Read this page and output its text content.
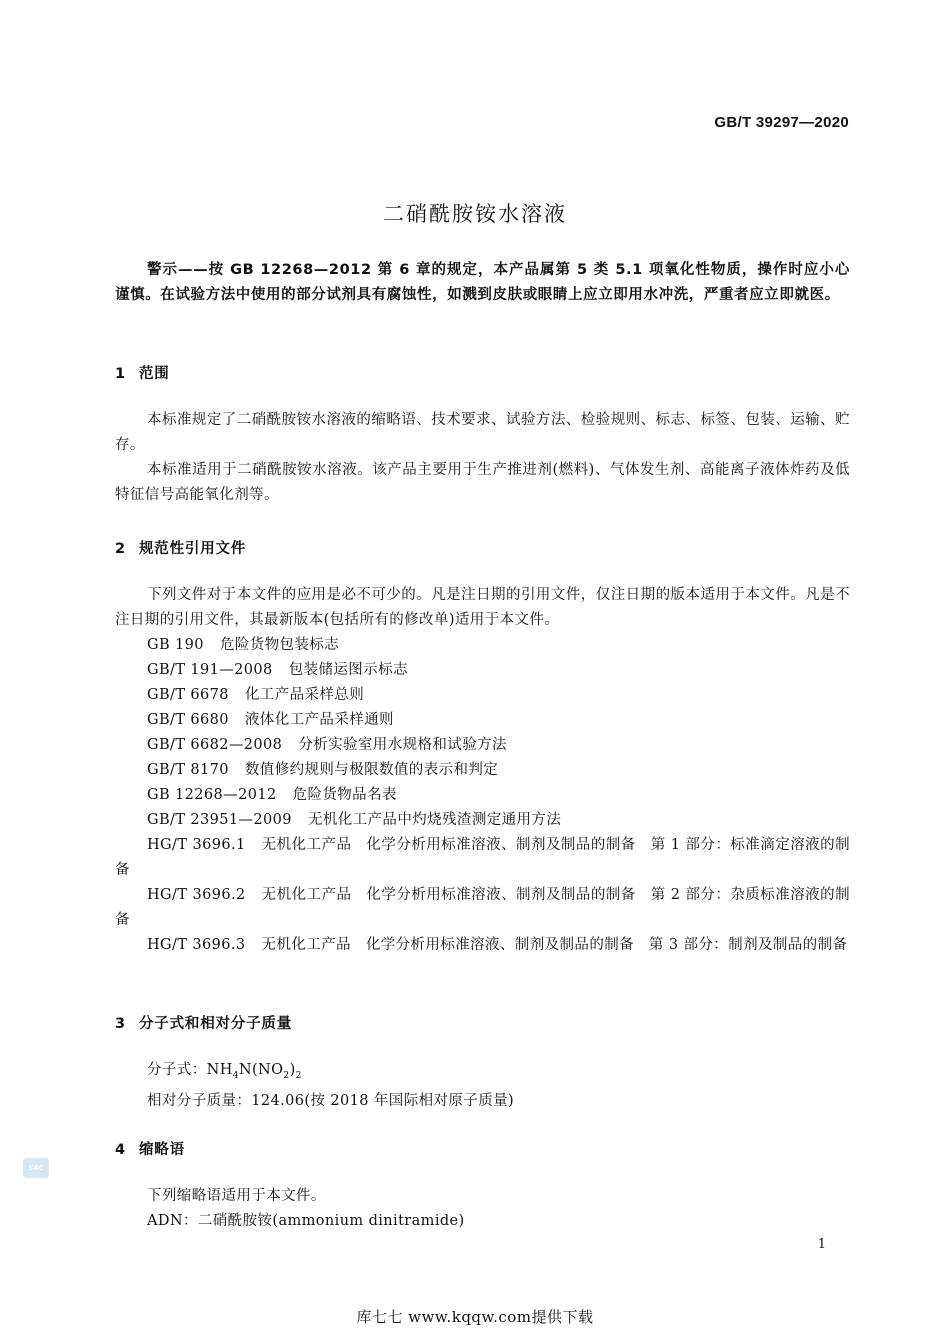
GB/T 39297—2020
二硝酰胺铵水溶液
警示——按 GB 12268—2012 第 6 章的规定，本产品属第 5 类 5.1 项氧化性物质，操作时应小心谨慎。在试验方法中使用的部分试剂具有腐蚀性，如溅到皮肤或眼睛上应立即用水冲洗，严重者应立即就医。
1 范围
本标准规定了二硝酰胺铵水溶液的缩略语、技术要求、试验方法、检验规则、标志、标签、包装、运输、贮存。
本标准适用于二硝酰胺铵水溶液。该产品主要用于生产推进剂(燃料)、气体发生剂、高能离子液体炸药及低特征信号高能氧化剂等。
2 规范性引用文件

下列文件对于本文件的应用是必不可少的。凡是注日期的引用文件，仅注日期的版本适用于本文件。凡是不注日期的引用文件，其最新版本(包括所有的修改单)适用于本文件。

GB 190 危险货物包装标志

GB/T 191—2008 包装储运图示标志

GB/T 6678 化工产品采样总则

GB/T 6680 液体化工产品采样通则

GB/T 6682—2008 分析实验室用水规格和试验方法

GB/T 8170 数值修约规则与极限数值的表示和判定

GB 12268—2012 危险货物品名表

GB/T 23951—2009 无机化工产品中灼烧残渣测定通用方法

HG/T 3696.1 无机化工产品　化学分析用标准溶液、制剂及制品的制备　第 1 部分：标准滴定溶液的制备

HG/T 3696.2 无机化工产品　化学分析用标准溶液、制剂及制品的制备　第 2 部分：杂质标准溶液的制备

HG/T 3696.3 无机化工产品　化学分析用标准溶液、制剂及制品的制备　第 3 部分：制剂及制品的制备

3 分子式和相对分子质量

分子式：$NH_4N(NO_2)_2$

相对分子质量：124.06(按 2018 年国际相对原子质量)

4 缩略语

下列缩略语适用于本文件。

ADN：二硝酰胺铵(ammonium dinitramide)

SAC
1
库七七 www.kqqw.com提供下载
